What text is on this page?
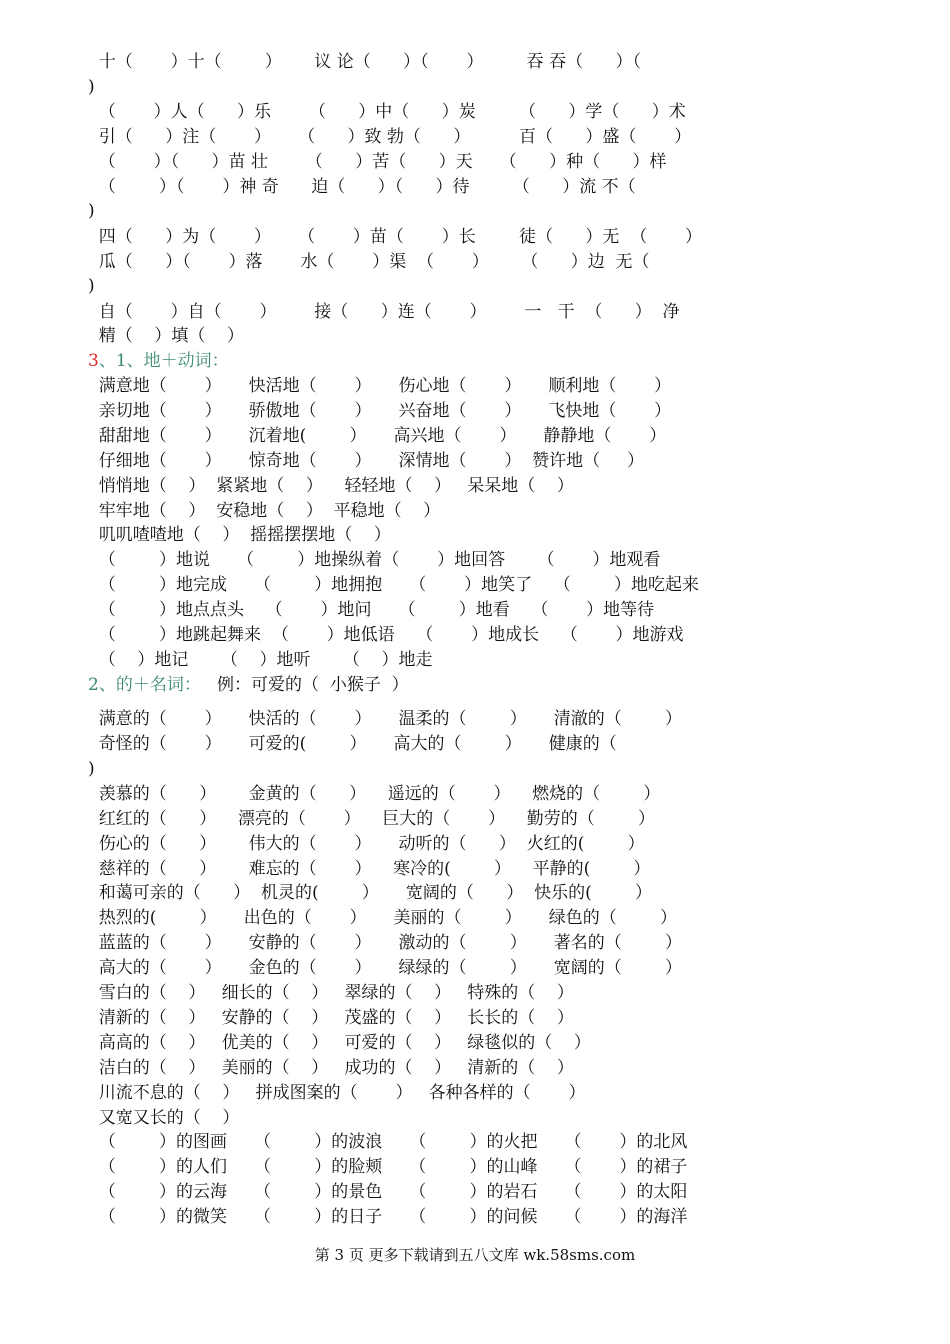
十（       ）十（        ）      议 论（      ）（       ）        吞 吞（      ）（
)
（       ）人（      ）乐       （      ）中（      ）炭        （      ）学（      ）术
引（      ）注（       ）     （      ）致 勃（      ）         百（      ）盛（       ）
（       ）（      ）苗 壮       （      ）苦（      ）天     （      ）种（      ）样
（        ）（       ）神 奇      迫（      ）（      ）待        （      ）流 不（
)
四（      ）为（       ）     （       ）苗（       ）长        徒（      ）无  （       ）
瓜（      ）（       ）落       水（       ）渠  （       ）      （      ）边  无（
)
自（       ）自（       ）       接（      ）连（       ）       一   干  （      ）  净
精（    ）填（    ）
3、1、地＋动词：
满意地（       ）     快活地（       ）     伤心地（       ）     顺利地（       ）
亲切地（       ）     骄傲地（       ）     兴奋地（       ）     飞快地（       ）
甜甜地（       ）     沉着地(        ）     高兴地（       ）     静静地（       ）
仔细地（       ）     惊奇地（       ）     深情地（       ）  赞许地（     ）
悄悄地（    ）  紧紧地（    ）    轻轻地（    ）   呆呆地（    ）
牢牢地（    ）  安稳地（    ）  平稳地（    ）
叽叽喳喳地（    ）  摇摇摆摆地（    ）
（        ）地说     （        ）地操纵着（       ）地回答      （       ）地观看
（        ）地完成     （        ）地拥抱     （       ）地笑了    （        ）地吃起来
（        ）地点点头    （       ）地问     （        ）地看    （       ）地等待
（        ）地跳起舞来  （       ）地低语    （       ）地成长    （       ）地游戏
（    ）地记      （    ）地听      （    ）地走
2、的＋名词：   例：可爱的（  小猴子  ）
满意的（       ）     快活的（       ）     温柔的（        ）     清澈的（        ）
奇怪的（       ）     可爱的(        ）     高大的（        ）     健康的（
)
羡慕的（      ）      金黄的（      ）    遥远的（       ）    燃烧的（        ）
红红的（      ）    漂亮的（       ）    巨大的（       ）    勤劳的（        ）
伤心的（      ）      伟大的（       ）     动听的（      ）  火红的(        ）
慈祥的（      ）      难忘的（       ）    寒冷的(        ）    平静的(        ）
和蔼可亲的（      ）  机灵的(        ）     宽阔的（      ）  快乐的(        ）
热烈的(        ）     出色的（       ）     美丽的（        ）     绿色的（        ）
蓝蓝的（       ）     安静的（       ）     激动的（        ）     著名的（        ）
高大的（       ）     金色的（       ）     绿绿的（        ）     宽阔的（        ）
雪白的（    ）   细长的（    ）   翠绿的（    ）   特殊的（    ）
清新的（    ）   安静的（    ）   茂盛的（    ）   长长的（    ）
高高的（    ）   优美的（    ）   可爱的（    ）   绿毯似的（    ）
洁白的（    ）   美丽的（    ）   成功的（    ）   清新的（    ）
川流不息的（    ）   拼成图案的（       ）   各种各样的（       ）
又宽又长的（    ）
（        ）的图画     （        ）的波浪     （        ）的火把     （       ）的北风
（        ）的人们     （        ）的脸颊     （        ）的山峰     （       ）的裙子
（        ）的云海     （        ）的景色     （        ）的岩石     （       ）的太阳
（        ）的微笑     （        ）的日子     （        ）的问候     （       ）的海洋
第 3 页 更多下载请到五八文库 wk.58sms.com
